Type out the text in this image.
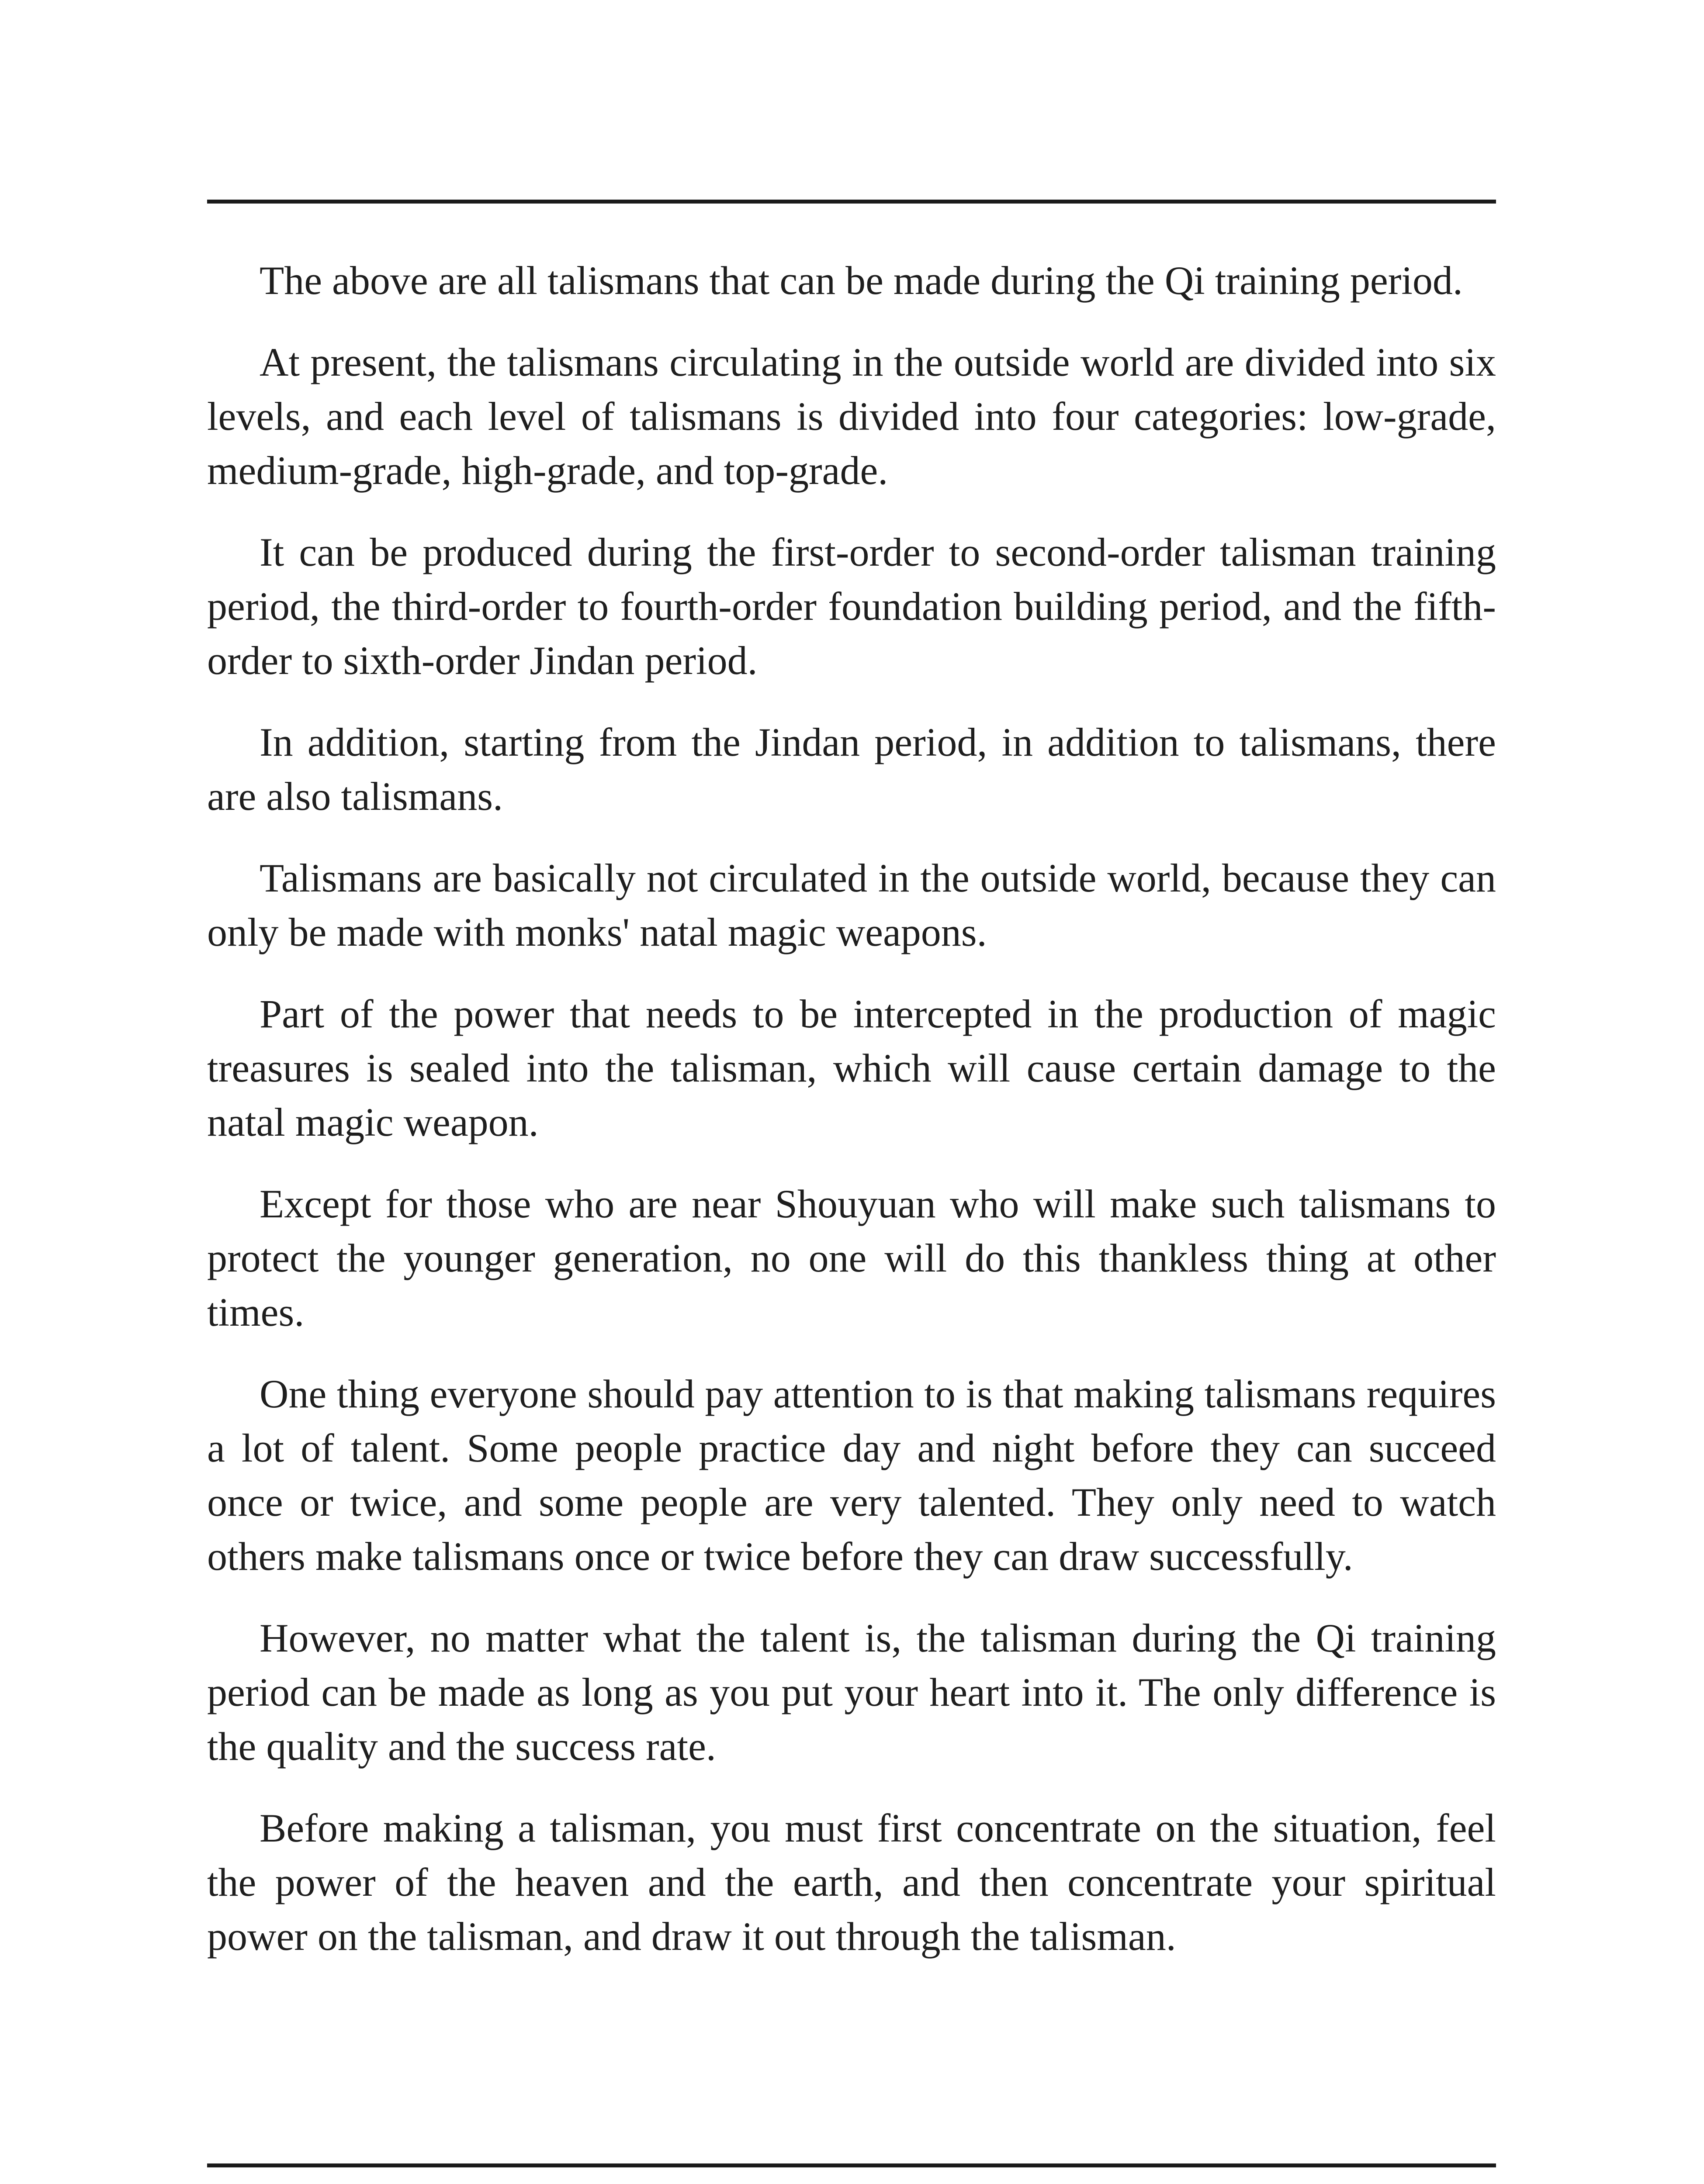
The above are all talismans that can be made during the Qi training period.

At present, the talismans circulating in the outside world are divided into six levels, and each level of talismans is divided into four categories: low-grade, medium-grade, high-grade, and top-grade.

It can be produced during the first-order to second-order talisman training period, the third-order to fourth-order foundation building period, and the fifth-order to sixth-order Jindan period.

In addition, starting from the Jindan period, in addition to talismans, there are also talismans.

Talismans are basically not circulated in the outside world, because they can only be made with monks' natal magic weapons.

Part of the power that needs to be intercepted in the production of magic treasures is sealed into the talisman, which will cause certain damage to the natal magic weapon.

Except for those who are near Shouyuan who will make such talismans to protect the younger generation, no one will do this thankless thing at other times.

One thing everyone should pay attention to is that making talismans requires a lot of talent. Some people practice day and night before they can succeed once or twice, and some people are very talented. They only need to watch others make talismans once or twice before they can draw successfully.

However, no matter what the talent is, the talisman during the Qi training period can be made as long as you put your heart into it. The only difference is the quality and the success rate.

Before making a talisman, you must first concentrate on the situation, feel the power of the heaven and the earth, and then concentrate your spiritual power on the talisman, and draw it out through the talisman.
